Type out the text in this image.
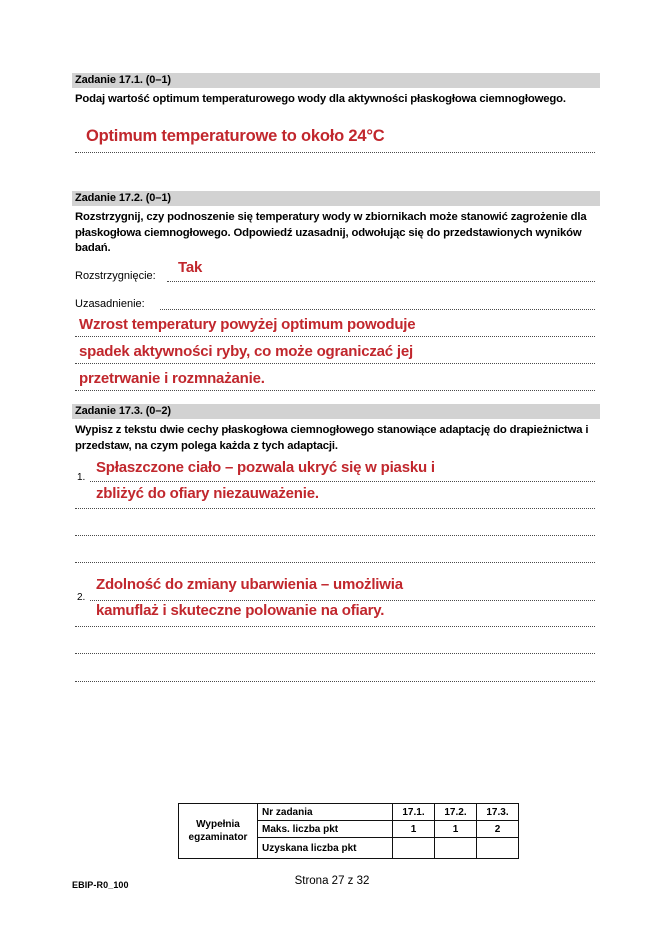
Zadanie 17.1. (0–1)
Podaj wartość optimum temperaturowego wody dla aktywności płaskogłowa ciemnogłowego.
Optimum temperaturowe to około 24°C
Zadanie 17.2. (0–1)
Rozstrzygnij, czy podnoszenie się temperatury wody w zbiornikach może stanowić zagrożenie dla płaskogłowa ciemnogłowego. Odpowiedź uzasadnij, odwołując się do przedstawionych wyników badań.
Rozstrzygnięcie: Tak
Uzasadnienie:
Wzrost temperatury powyżej optimum powoduje
spadek aktywności ryby, co może ograniczać jej
przetrwanie i rozmnażanie.
Zadanie 17.3. (0–2)
Wypisz z tekstu dwie cechy płaskogłowa ciemnogłowego stanowiące adaptację do drapieżnictwa i przedstaw, na czym polega każda z tych adaptacji.
1.
Spłaszczone ciało – pozwala ukryć się w piasku i
zbliżyć do ofiary niezauważenie.
2.
Zdolność do zmiany ubarwienia – umożliwia
kamuflaż i skuteczne polowanie na ofiary.
Wypełnia
egzaminator	Nr zadania	17.1.	17.2.	17.3.
	Maks. liczba pkt	1	1	2
	Uzyskana liczba pkt			
EBIP-R0_100	Strona 27 z 32
